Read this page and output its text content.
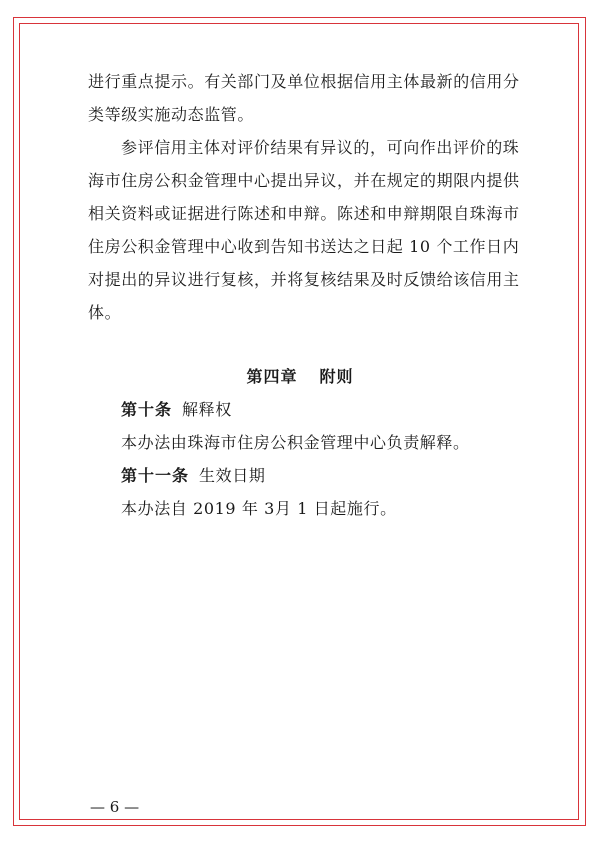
进行重点提示。有关部门及单位根据信用主体最新的信用分
类等级实施动态监管。
参评信用主体对评价结果有异议的，可向作出评价的珠
海市住房公积金管理中心提出异议，并在规定的期限内提供
相关资料或证据进行陈述和申辩。陈述和申辩期限自珠海市
住房公积金管理中心收到告知书送达之日起 10 个工作日内
对提出的异议进行复核，并将复核结果及时反馈给该信用主
体。
第四章 附则
第十条 解释权
本办法由珠海市住房公积金管理中心负责解释。
第十一条 生效日期
本办法自 2019 年 3月 1 日起施行。
— 6 —
